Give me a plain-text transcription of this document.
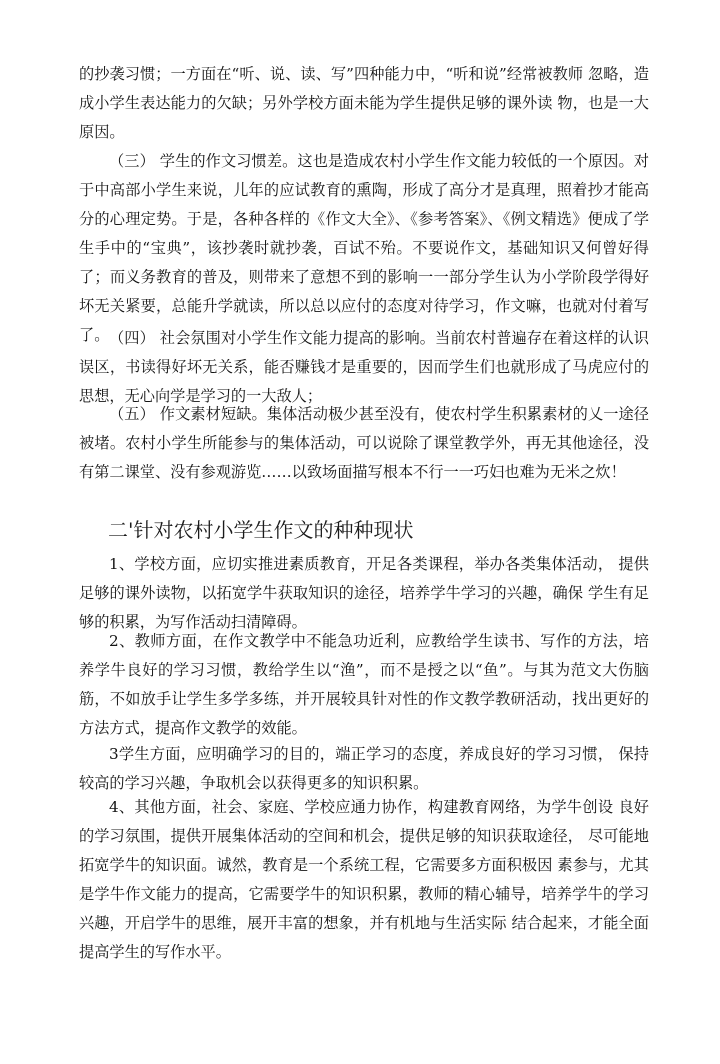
的抄袭习惯；一方面在“听、说、读、写”四种能力中，“听和说”经常被教师 忽略，造成小学生表达能力的欠缺；另外学校方面未能为学生提供足够的课外读 物，也是一大原因。

（三） 学生的作文习惯差。这也是造成农村小学生作文能力较低的一个原因。对于中高部小学生来说，儿年的应试教育的熏陶，形成了高分才是真理，照着抄才能高分的心理定势。于是，各种各样的《作文大全》、《参考答案》、《例文精选》便成了学生手中的“宝典”，该抄袭时就抄袭，百试不殆。不要说作文，基础知识又何曾好得了；而义务教育的普及，则带来了意想不到的影响一一部分学生认为小学阶段学得好坏无关紧要，总能升学就读，所以总以应付的态度对待学习，作文嘛，也就对付着写了。 （四） 社会氛围对小学生作文能力提高的影响。当前农村普遍存在着这样的认识误区，书读得好坏无关系，能否赚钱才是重要的，因而学生们也就形成了马虎应付的思想，无心向学是学习的一大敌人；

（五） 作文素材短缺。集体活动极少甚至没有，使农村学生积累素材的乂一途径被堵。农村小学生所能参与的集体活动，可以说除了课堂教学外，再无其他途径，没有第二课堂、没有参观游览……以致场面描写根本不行一一巧妇也难为无米之炊！

二'针对农村小学生作文的种种现状

1、学校方面，应切实推进素质教育，开足各类课程，举办各类集体活动， 提供足够的课外读物，以拓宽学牛获取知识的途径，培养学牛学习的兴趣，确保 学生有足够的积累，为写作活动扫清障碍。

2、教师方面，在作文教学中不能急功近利，应教给学生读书、写作的方法，培养学牛良好的学习习惯，教给学生以“渔”，而不是授之以“鱼”。与其为范文大伤脑筋，不如放手让学生多学多练，并开展较具针对性的作文教学教研活动，找出更好的方法方式，提高作文教学的效能。

3学生方面，应明确学习的目的，端正学习的态度，养成良好的学习习惯， 保持较高的学习兴趣，争取机会以获得更多的知识积累。

4、其他方面，社会、家庭、学校应通力协作，构建教育网络，为学牛创设 良好的学习氛围，提供开展集体活动的空间和机会，提供足够的知识获取途径， 尽可能地拓宽学牛的知识面。诚然，教育是一个系统工程，它需要多方面积极因 素参与，尤其是学牛作文能力的提高，它需要学牛的知识积累，教师的精心辅导，培养学牛的学习兴趣，开启学牛的思维，展开丰富的想象，并有机地与生活实际 结合起来，才能全面提高学生的写作水平。
